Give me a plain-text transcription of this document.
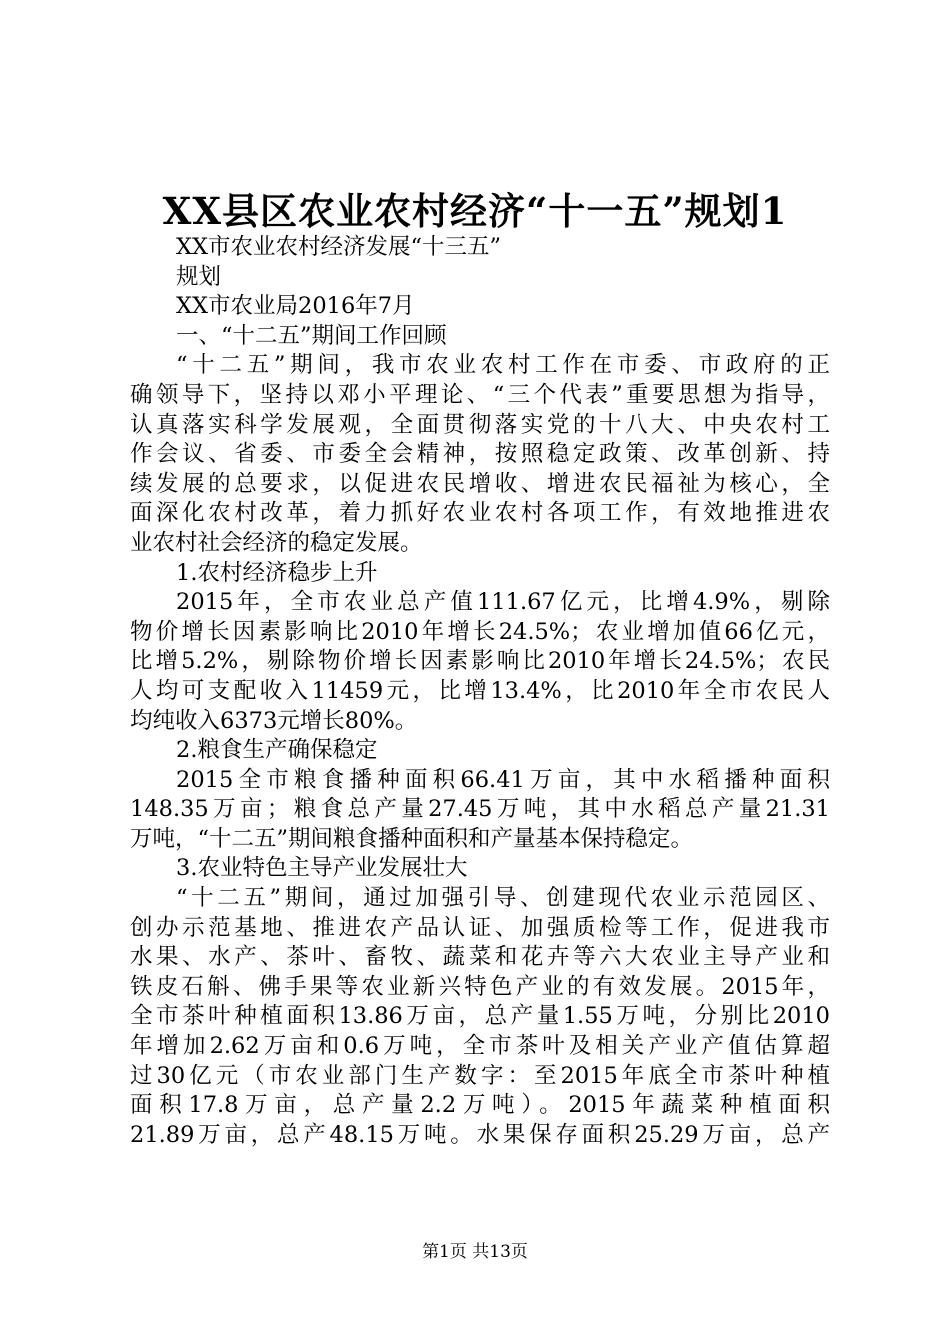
XX县区农业农村经济“十一五”规划1
XX市农业农村经济发展“十三五”
规划
XX市农业局2016年7月
一、“十二五”期间工作回顾
“十二五”期间，我市农业农村工作在市委、市政府的正
确领导下，坚持以邓小平理论、“三个代表”重要思想为指导，
认真落实科学发展观，全面贯彻落实党的十八大、中央农村工
作会议、省委、市委全会精神，按照稳定政策、改革创新、持
续发展的总要求，以促进农民增收、增进农民福祉为核心，全
面深化农村改革，着力抓好农业农村各项工作，有效地推进农
业农村社会经济的稳定发展。
1.农村经济稳步上升
2015年，全市农业总产值111.67亿元，比增4.9%，剔除
物价增长因素影响比2010年增长24.5%；农业增加值66亿元，
比增5.2%，剔除物价增长因素影响比2010年增长24.5%；农民
人均可支配收入11459元，比增13.4%，比2010年全市农民人
均纯收入6373元增长80%。
2.粮食生产确保稳定
2015全市粮食播种面积66.41万亩，其中水稻播种面积
148.35万亩；粮食总产量27.45万吨，其中水稻总产量21.31
万吨，“十二五”期间粮食播种面积和产量基本保持稳定。
3.农业特色主导产业发展壮大
“十二五”期间，通过加强引导、创建现代农业示范园区、
创办示范基地、推进农产品认证、加强质检等工作，促进我市
水果、水产、茶叶、畜牧、蔬菜和花卉等六大农业主导产业和
铁皮石斛、佛手果等农业新兴特色产业的有效发展。2015年，
全市茶叶种植面积13.86万亩，总产量1.55万吨，分别比2010
年增加2.62万亩和0.6万吨，全市茶叶及相关产业产值估算超
过30亿元（市农业部门生产数字：至2015年底全市茶叶种植
面积17.8万亩，总产量2.2万吨）。2015年蔬菜种植面积
21.89万亩，总产48.15万吨。水果保存面积25.29万亩，总产
第1页 共13页
